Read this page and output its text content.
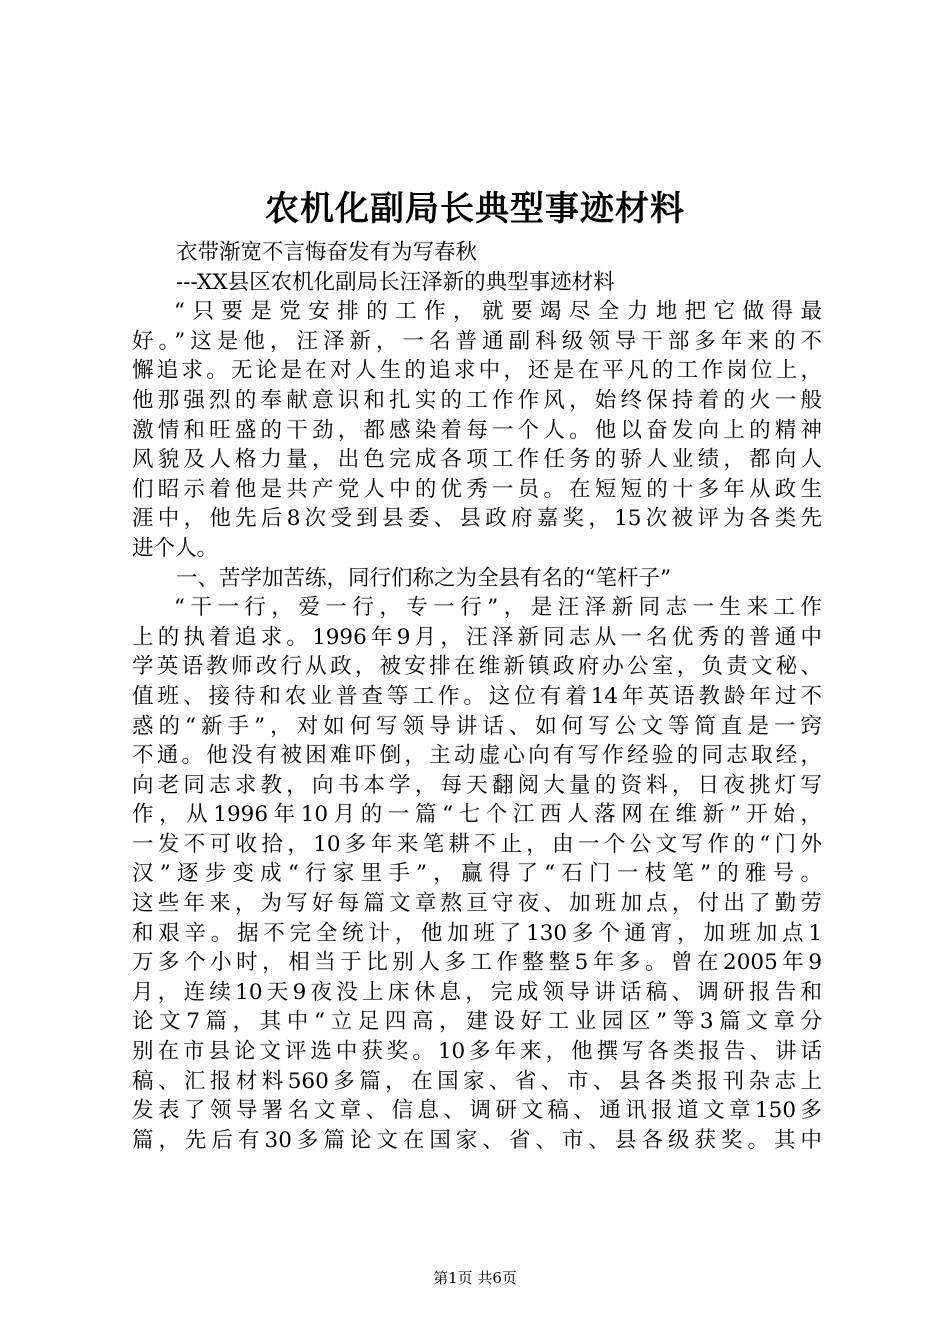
农机化副局长典型事迹材料
衣带渐宽不言悔奋发有为写春秋
---XX县区农机化副局长汪泽新的典型事迹材料
“只要是党安排的工作，就要竭尽全力地把它做得最
好。”这是他，汪泽新，一名普通副科级领导干部多年来的不
懈追求。无论是在对人生的追求中，还是在平凡的工作岗位上，
他那强烈的奉献意识和扎实的工作作风，始终保持着的火一般
激情和旺盛的干劲，都感染着每一个人。他以奋发向上的精神
风貌及人格力量，出色完成各项工作任务的骄人业绩，都向人
们昭示着他是共产党人中的优秀一员。在短短的十多年从政生
涯中，他先后8次受到县委、县政府嘉奖，15次被评为各类先
进个人。
一、苦学加苦练，同行们称之为全县有名的“笔杆子”
“干一行，爱一行，专一行”，是汪泽新同志一生来工作
上的执着追求。1996年9月，汪泽新同志从一名优秀的普通中
学英语教师改行从政，被安排在维新镇政府办公室，负责文秘、
值班、接待和农业普查等工作。这位有着14年英语教龄年过不
惑的“新手”，对如何写领导讲话、如何写公文等简直是一窍
不通。他没有被困难吓倒，主动虚心向有写作经验的同志取经，
向老同志求教，向书本学，每天翻阅大量的资料，日夜挑灯写
作，从1996年10月的一篇“七个江西人落网在维新”开始，
一发不可收拾，10多年来笔耕不止，由一个公文写作的“门外
汉”逐步变成“行家里手”，赢得了“石门一枝笔”的雅号。
这些年来，为写好每篇文章熬亘守夜、加班加点，付出了勤劳
和艰辛。据不完全统计，他加班了130多个通宵，加班加点1
万多个小时，相当于比别人多工作整整5年多。曾在2005年9
月，连续10天9夜没上床休息，完成领导讲话稿、调研报告和
论文7篇，其中“立足四高，建设好工业园区”等3篇文章分
别在市县论文评选中获奖。10多年来，他撰写各类报告、讲话
稿、汇报材料560多篇，在国家、省、市、县各类报刊杂志上
发表了领导署名文章、信息、调研文稿、通讯报道文章150多
篇，先后有30多篇论文在国家、省、市、县各级获奖。其中
第1页 共6页
